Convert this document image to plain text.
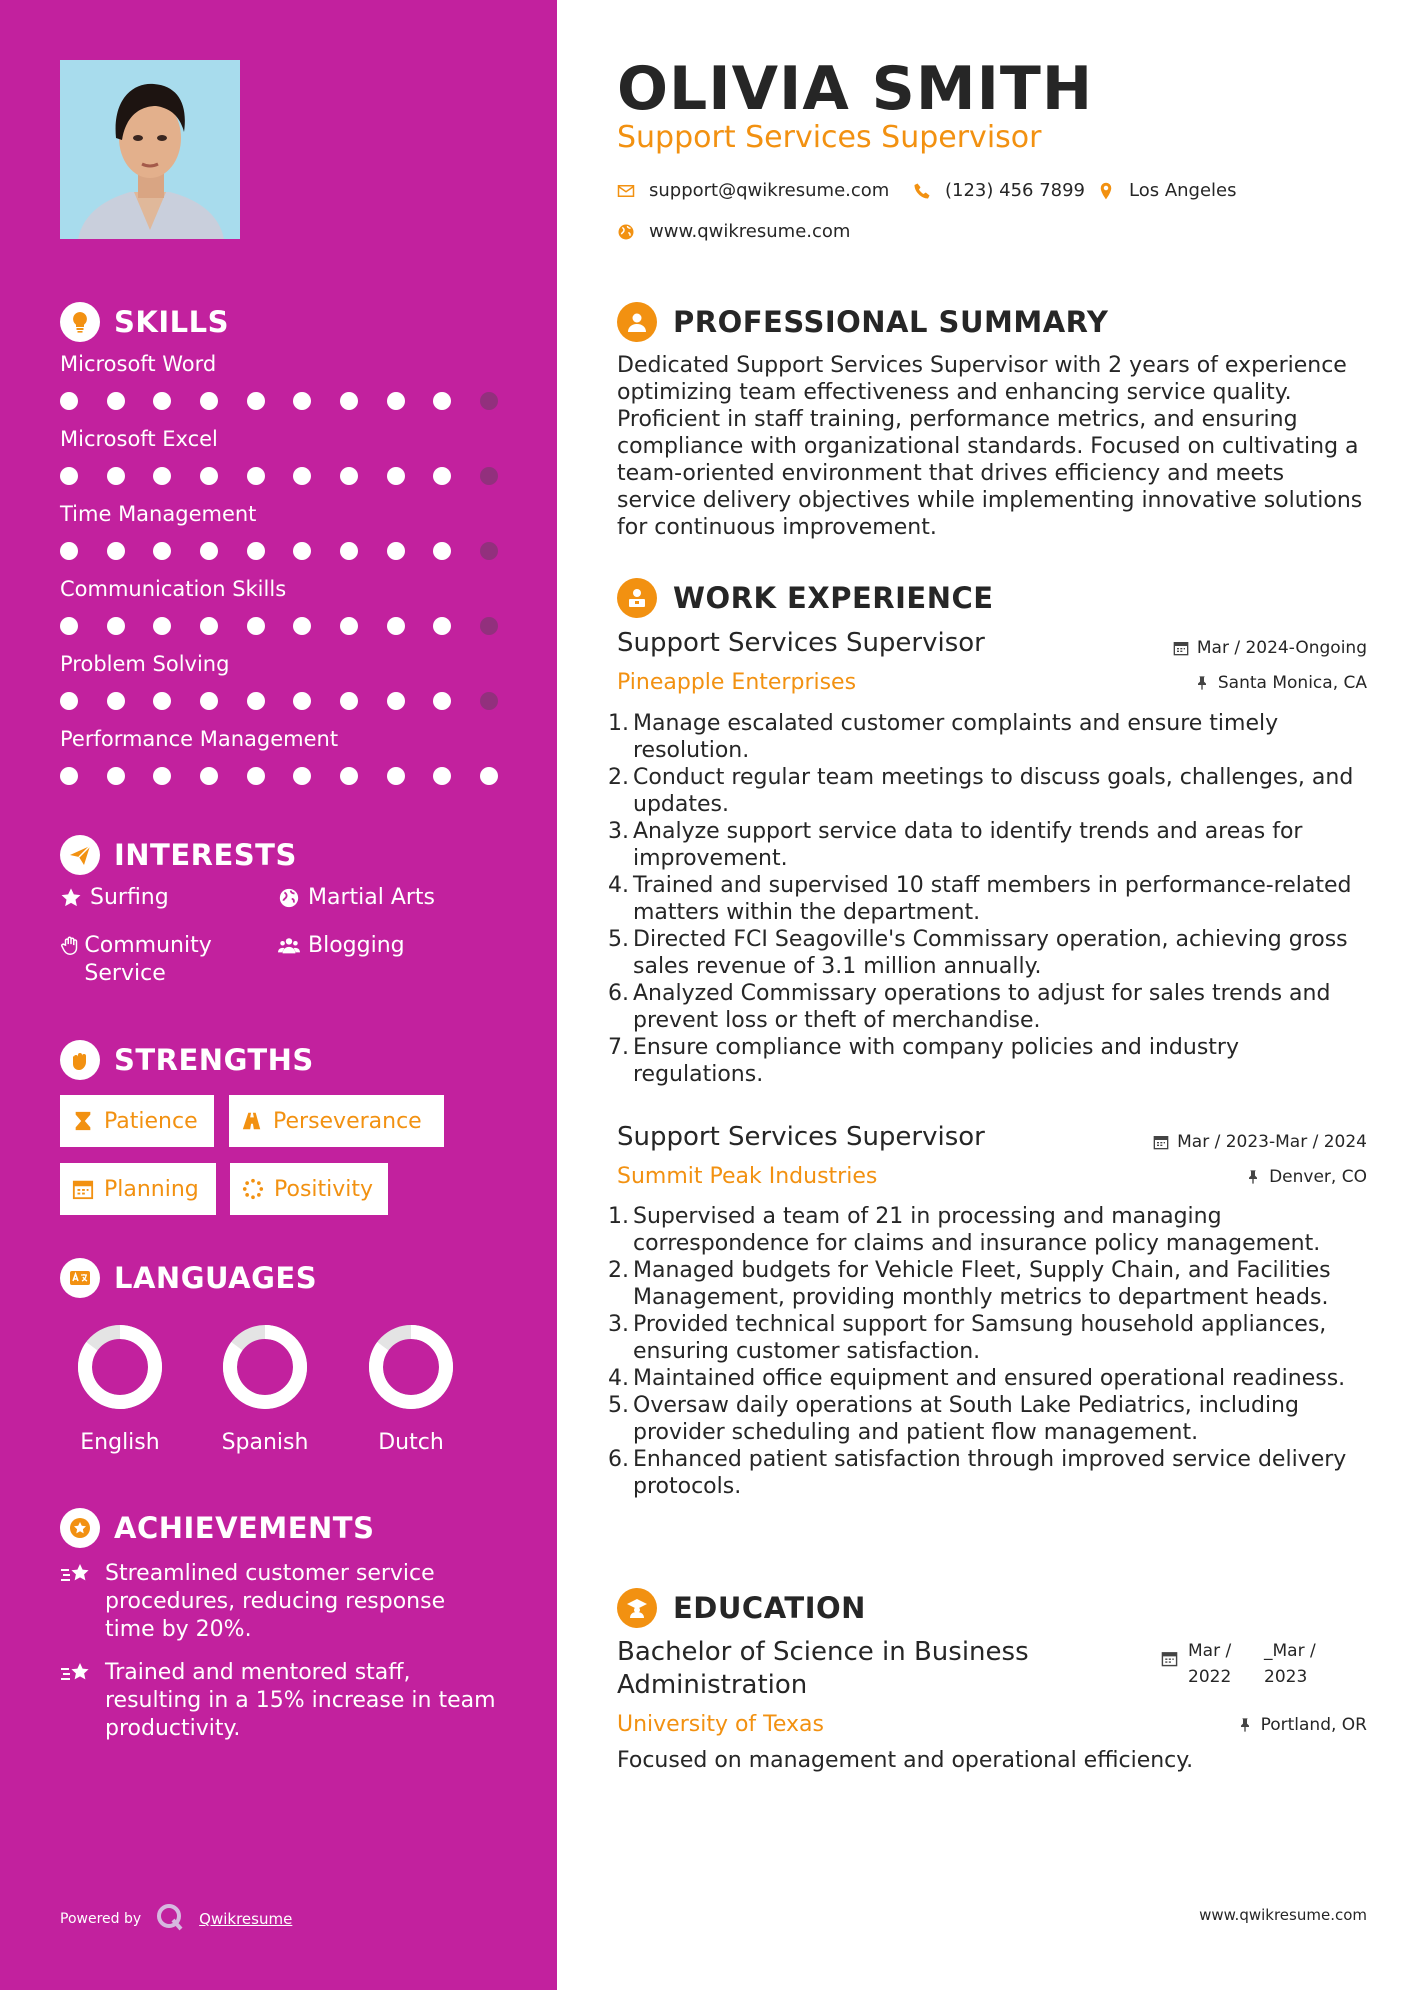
SKILLS
Microsoft Word
Microsoft Excel
Time Management
Communication Skills
Problem Solving
Performance Management
INTERESTS
Surfing	Martial Arts
Community Service
Blogging
STRENGTHS
Patience	Perseverance
Planning	Positivity
LANGUAGES
English	Spanish	Dutch
ACHIEVEMENTS
Streamlined customer service procedures, reducing response time by 20%.
Trained and mentored staff, resulting in a 15% increase in team productivity.
Powered by	Qwikresume
OLIVIA SMITH
Support Services Supervisor
support@qwikresume.com	(123) 456 7899 Los Angeles
www.qwikresume.com
PROFESSIONAL SUMMARY
Dedicated Support Services Supervisor with 2 years of experience optimizing team effectiveness and enhancing service quality. Proficient in staff training, performance metrics, and ensuring compliance with organizational standards. Focused on cultivating a team-oriented environment that drives efficiency and meets service delivery objectives while implementing innovative solutions for continuous improvement.
WORK EXPERIENCE
Support Services Supervisor
Pineapple Enterprises
Mar / 2024-Ongoing
Santa Monica, CA
1. Manage escalated customer complaints and ensure timely resolution.
2. Conduct regular team meetings to discuss goals, challenges, and updates.
3. Analyze support service data to identify trends and areas for improvement.
4. Trained and supervised 10 staff members in performance-related matters within the department.
5. Directed FCI Seagoville's Commissary operation, achieving gross sales revenue of 3.1 million annually.
6. Analyzed Commissary operations to adjust for sales trends and prevent loss or theft of merchandise.
7. Ensure compliance with company policies and industry regulations.
Support Services Supervisor
Summit Peak Industries
Mar / 2023-Mar / 2024
Denver, CO
1. Supervised a team of 21 in processing and managing correspondence for claims and insurance policy management.
2. Managed budgets for Vehicle Fleet, Supply Chain, and Facilities Management, providing monthly metrics to department heads.
3. Provided technical support for Samsung household appliances, ensuring customer satisfaction.
4. Maintained office equipment and ensured operational readiness.
5. Oversaw daily operations at South Lake Pediatrics, including provider scheduling and patient flow management.
6. Enhanced patient satisfaction through improved service delivery protocols.
EDUCATION
Bachelor of Science in Business Administration
Mar /
2022
_Mar /
2023
University of Texas	Portland, OR
Focused on management and operational efficiency.
www.qwikresume.com
